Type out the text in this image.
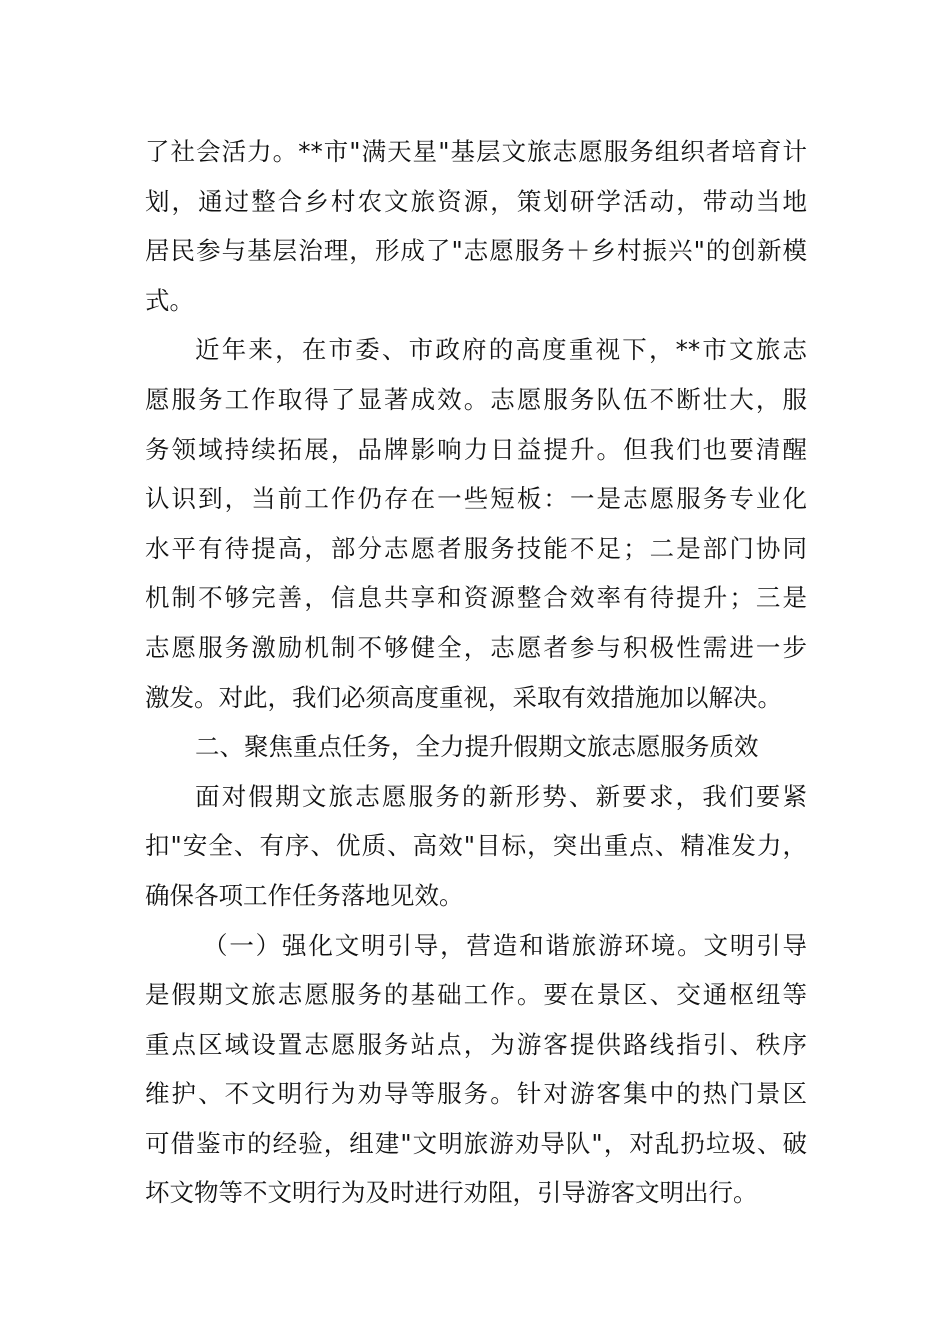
了社会活力。**市"满天星"基层文旅志愿服务组织者培育计
划，通过整合乡村农文旅资源，策划研学活动，带动当地
居民参与基层治理，形成了"志愿服务＋乡村振兴"的创新模
式。
近年来，在市委、市政府的高度重视下，**市文旅志
愿服务工作取得了显著成效。志愿服务队伍不断壮大，服
务领域持续拓展，品牌影响力日益提升。但我们也要清醒
认识到，当前工作仍存在一些短板：一是志愿服务专业化
水平有待提高，部分志愿者服务技能不足；二是部门协同
机制不够完善，信息共享和资源整合效率有待提升；三是
志愿服务激励机制不够健全，志愿者参与积极性需进一步
激发。对此，我们必须高度重视，采取有效措施加以解决。
二、聚焦重点任务，全力提升假期文旅志愿服务质效
面对假期文旅志愿服务的新形势、新要求，我们要紧
扣"安全、有序、优质、高效"目标，突出重点、精准发力，
确保各项工作任务落地见效。
（一）强化文明引导，营造和谐旅游环境。文明引导
是假期文旅志愿服务的基础工作。要在景区、交通枢纽等
重点区域设置志愿服务站点，为游客提供路线指引、秩序
维护、不文明行为劝导等服务。针对游客集中的热门景区
可借鉴市的经验，组建"文明旅游劝导队"，对乱扔垃圾、破
坏文物等不文明行为及时进行劝阻，引导游客文明出行。
